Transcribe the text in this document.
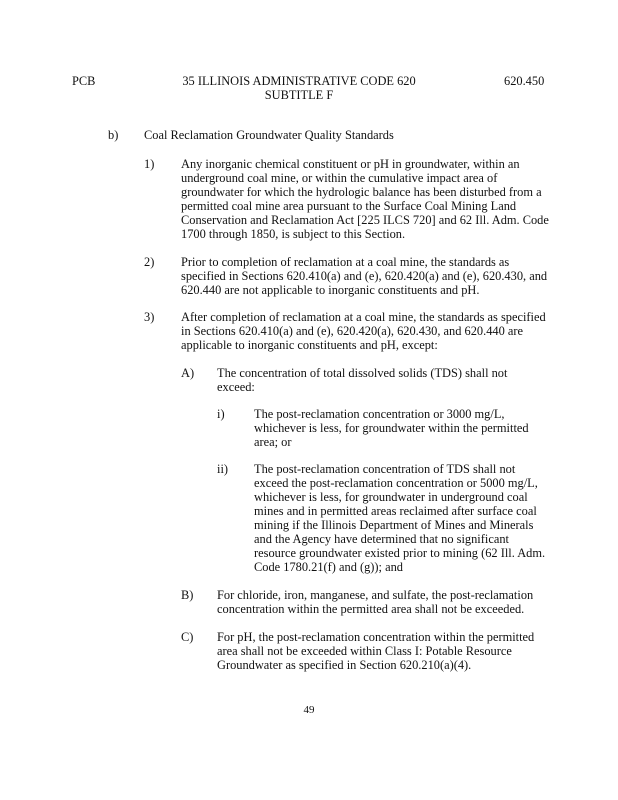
PCB	35 ILLINOIS ADMINISTRATIVE CODE 620
SUBTITLE F
620.450
b) Coal Reclamation Groundwater Quality Standards
1) Any inorganic chemical constituent or pH in groundwater, within an
underground coal mine, or within the cumulative impact area of
groundwater for which the hydrologic balance has been disturbed from a
permitted coal mine area pursuant to the Surface Coal Mining Land
Conservation and Reclamation Act [225 ILCS 720] and 62 Ill. Adm. Code
1700 through 1850, is subject to this Section.
2) Prior to completion of reclamation at a coal mine, the standards as
specified in Sections 620.410(a) and (e), 620.420(a) and (e), 620.430, and
620.440 are not applicable to inorganic constituents and pH.
3) After completion of reclamation at a coal mine, the standards as specified
in Sections 620.410(a) and (e), 620.420(a), 620.430, and 620.440 are
applicable to inorganic constituents and pH, except:
A) The concentration of total dissolved solids (TDS) shall not
exceed:
i) The post-reclamation concentration or 3000 mg/L,
whichever is less, for groundwater within the permitted
area; or
ii) The post-reclamation concentration of TDS shall not
exceed the post-reclamation concentration or 5000 mg/L,
whichever is less, for groundwater in underground coal
mines and in permitted areas reclaimed after surface coal
mining if the Illinois Department of Mines and Minerals
and the Agency have determined that no significant
resource groundwater existed prior to mining (62 Ill. Adm.
Code 1780.21(f) and (g)); and
B) For chloride, iron, manganese, and sulfate, the post-reclamation
concentration within the permitted area shall not be exceeded.
C) For pH, the post-reclamation concentration within the permitted
area shall not be exceeded within Class I: Potable Resource
Groundwater as specified in Section 620.210(a)(4).
49
